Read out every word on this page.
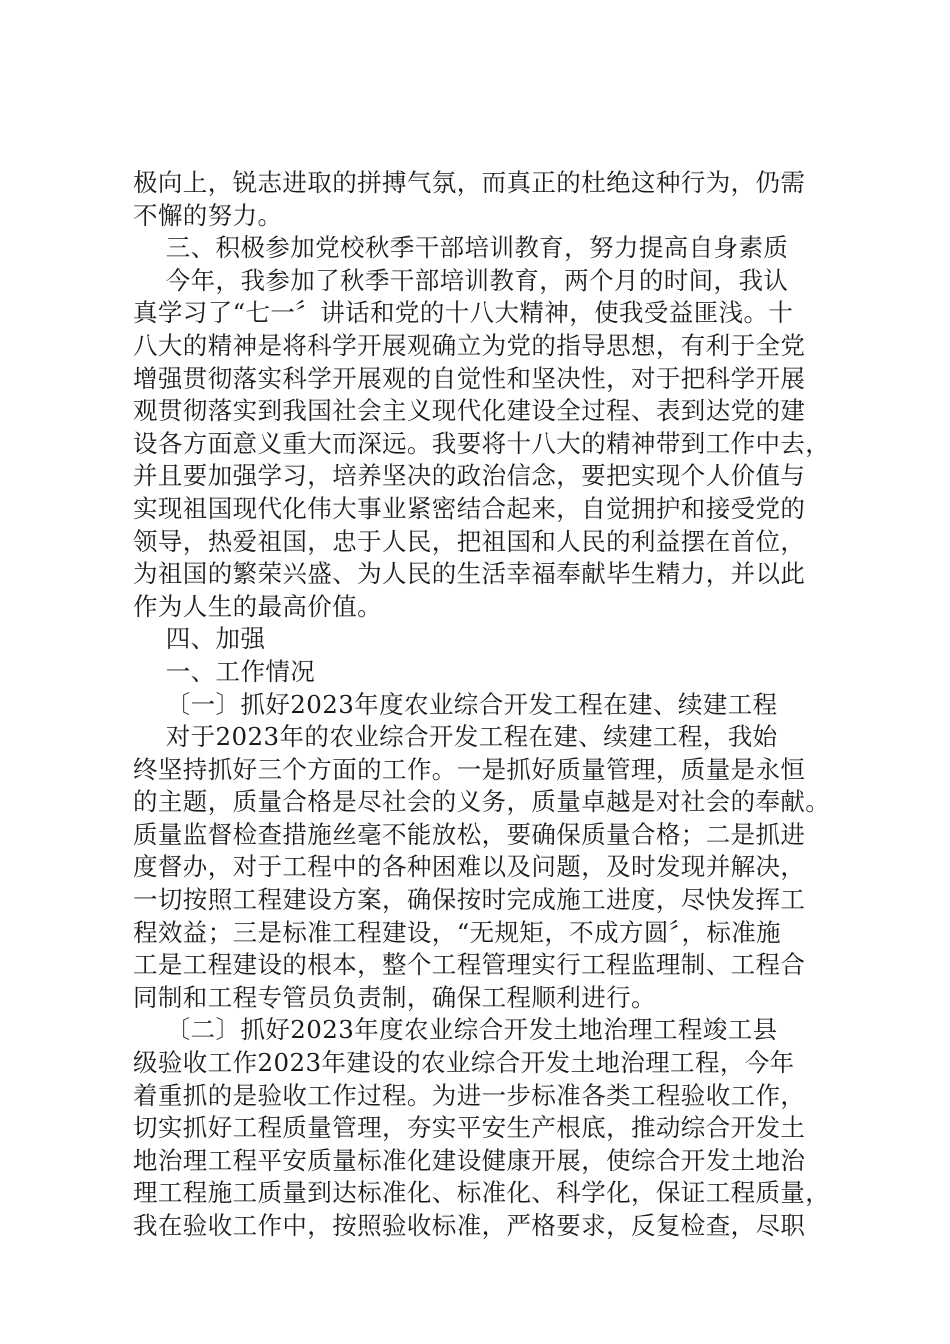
极向上，锐志进取的拼搏气氛，而真正的杜绝这种行为，仍需
不懈的努力。
三、积极参加党校秋季干部培训教育，努力提高自身素质
今年，我参加了秋季干部培训教育，两个月的时间，我认
真学习了“七一〞讲话和党的十八大精神，使我受益匪浅。十
八大的精神是将科学开展观确立为党的指导思想，有利于全党
增强贯彻落实科学开展观的自觉性和坚决性，对于把科学开展
观贯彻落实到我国社会主义现代化建设全过程、表到达党的建
设各方面意义重大而深远。我要将十八大的精神带到工作中去，
并且要加强学习，培养坚决的政治信念，要把实现个人价值与
实现祖国现代化伟大事业紧密结合起来，自觉拥护和接受党的
领导，热爱祖国，忠于人民，把祖国和人民的利益摆在首位，
为祖国的繁荣兴盛、为人民的生活幸福奉献毕生精力，并以此
作为人生的最高价值。
四、加强
一、工作情况
〔一〕抓好2023年度农业综合开发工程在建、续建工程
对于2023年的农业综合开发工程在建、续建工程，我始
终坚持抓好三个方面的工作。一是抓好质量管理，质量是永恒
的主题，质量合格是尽社会的义务，质量卓越是对社会的奉献。
质量监督检查措施丝毫不能放松，要确保质量合格；二是抓进
度督办，对于工程中的各种困难以及问题，及时发现并解决，
一切按照工程建设方案，确保按时完成施工进度，尽快发挥工
程效益；三是标准工程建设，“无规矩，不成方圆〞，标准施
工是工程建设的根本，整个工程管理实行工程监理制、工程合
同制和工程专管员负责制，确保工程顺利进行。
〔二〕抓好2023年度农业综合开发土地治理工程竣工县
级验收工作2023年建设的农业综合开发土地治理工程，今年
着重抓的是验收工作过程。为进一步标准各类工程验收工作，
切实抓好工程质量管理，夯实平安生产根底，推动综合开发土
地治理工程平安质量标准化建设健康开展，使综合开发土地治
理工程施工质量到达标准化、标准化、科学化，保证工程质量，
我在验收工作中，按照验收标准，严格要求，反复检查，尽职
